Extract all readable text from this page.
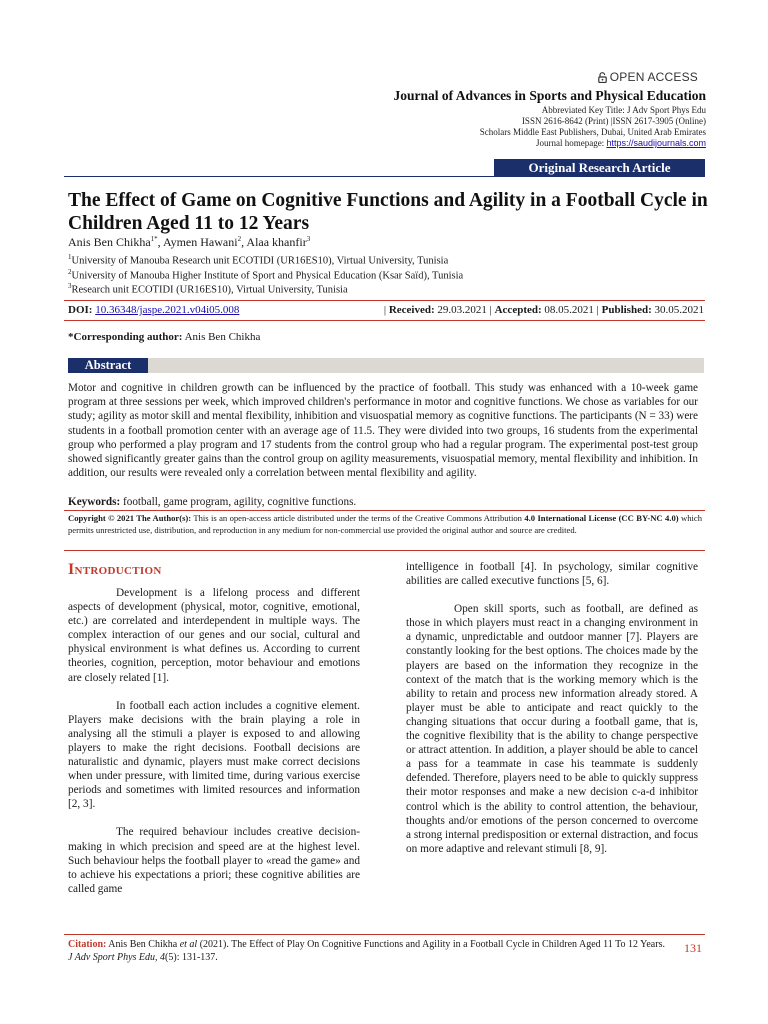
OPEN ACCESS
Journal of Advances in Sports and Physical Education
Abbreviated Key Title: J Adv Sport Phys Edu
ISSN 2616-8642 (Print) |ISSN 2617-3905 (Online)
Scholars Middle East Publishers, Dubai, United Arab Emirates
Journal homepage: https://saudijournals.com
Original Research Article
The Effect of Game on Cognitive Functions and Agility in a Football Cycle in Children Aged 11 to 12 Years
Anis Ben Chikha$^{1*}$, Aymen Hawani$^2$, Alaa khanfir$^3$
$^1$University of Manouba Research unit ECOTIDI (UR16ES10), Virtual University, Tunisia
$^2$University of Manouba Higher Institute of Sport and Physical Education (Ksar Saïd), Tunisia
$^3$Research unit ECOTIDI (UR16ES10), Virtual University, Tunisia
DOI: 10.36348/jaspe.2021.v04i05.008	| Received: 29.03.2021 | Accepted: 08.05.2021 | Published: 30.05.2021
*Corresponding author: Anis Ben Chikha
Abstract
Motor and cognitive in children growth can be influenced by the practice of football. This study was enhanced with a 10-week game program at three sessions per week, which improved children's performance in motor and cognitive functions. We chose as variables for our study; agility as motor skill and mental flexibility, inhibition and visuospatial memory as cognitive functions. The participants (N = 33) were students in a football promotion center with an average age of 11.5. They were divided into two groups, 16 students from the experimental group who performed a play program and 17 students from the control group who had a regular program. The experimental post-test group showed significantly greater gains than the control group on agility measurements, visuospatial memory, mental flexibility and inhibition. In addition, our results were revealed only a correlation between mental flexibility and agility.
Keywords: football, game program, agility, cognitive functions.
Copyright © 2021 The Author(s): This is an open-access article distributed under the terms of the Creative Commons Attribution 4.0 International License (CC BY-NC 4.0) which permits unrestricted use, distribution, and reproduction in any medium for non-commercial use provided the original author and source are credited.
Introduction

Development is a lifelong process and different aspects of development (physical, motor, cognitive, emotional, etc.) are correlated and interdependent in multiple ways. The complex interaction of our genes and our social, cultural and physical environment is what defines us. According to current theories, cognition, perception, motor behaviour and emotions are closely related [1].

In football each action includes a cognitive element. Players make decisions with the brain playing a role in analysing all the stimuli a player is exposed to and allowing players to make the right decisions. Football decisions are naturalistic and dynamic, players must make correct decisions when under pressure, with limited time, during various exercise periods and sometimes with limited resources and information [2, 3].

The required behaviour includes creative decision-making in which precision and speed are at the highest level. Such behaviour helps the football player to «read the game» and to achieve his expectations a priori; these cognitive abilities are called game

intelligence in football [4]. In psychology, similar cognitive abilities are called executive functions [5, 6].

Open skill sports, such as football, are defined as those in which players must react in a changing environment in a dynamic, unpredictable and outdoor manner [7]. Players are constantly looking for the best options. The choices made by the players are based on the information they recognize in the context of the match that is the working memory which is the ability to retain and process new information already stored. A player must be able to anticipate and react quickly to the changing situations that occur during a football game, that is, the cognitive flexibility that is the ability to change perspective or attract attention. In addition, a player should be able to cancel a pass for a teammate in case his teammate is suddenly defended. Therefore, players need to be able to quickly suppress their motor responses and make a new decision c-a-d inhibitor control which is the ability to control attention, the behaviour, thoughts and/or emotions of the person concerned to overcome a strong internal predisposition or external distraction, and focus on more adaptive and relevant stimuli [8, 9].

Citation: Anis Ben Chikha et al (2021). The Effect of Play On Cognitive Functions and Agility in a Football Cycle in Children Aged 11 To 12 Years. J Adv Sport Phys Edu, 4(5): 131-137.
131
